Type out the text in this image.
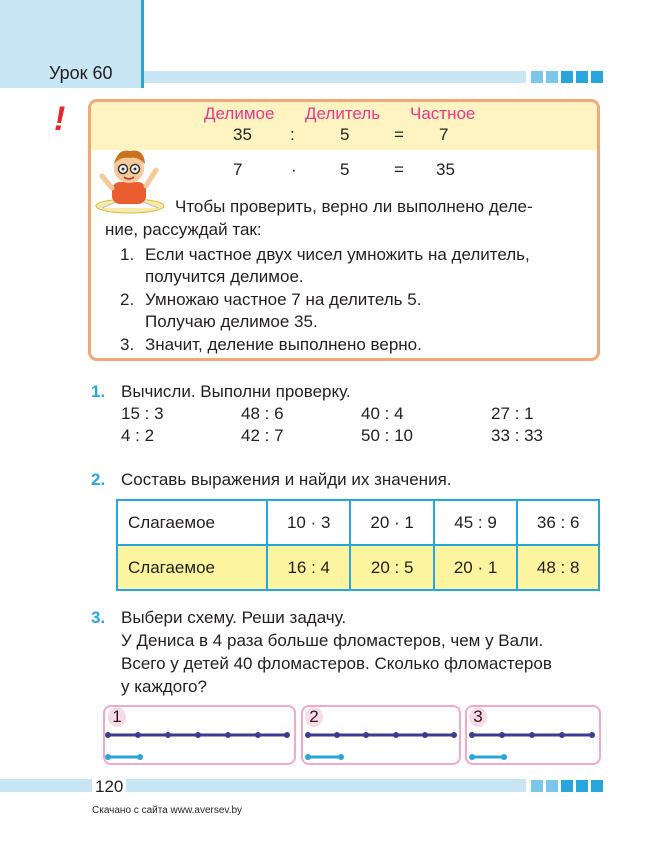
Урок 60
!	Делимое Делитель Частное
35 :	5	= 7
7	·	5	= 35
Чтобы проверить, верно ли выполнено деле-
ние, рассуждай так:
1. Если частное двух чисел умножить на делитель,
получится делимое.
2. Умножаю частное 7 на делитель 5.
Получаю делимое 35.
3. Значит, деление выполнено верно.
1. Вычисли. Выполни проверку.
15 : 3	48 : 6	40 : 4	27 : 1
4 : 2	42 : 7	50 : 10	33 : 33
2. Составь выражения и найди их значения.
Слагаемое	10 · 3	20 · 1	45 : 9	36 : 6
Слагаемое	16 : 4	20 : 5	20 · 1	48 : 8
3. Выбери схему. Реши задачу.
У Дениса в 4 раза больше фломастеров, чем у Вали.
Всего у детей 40 фломастеров. Сколько фломастеров
у каждого?
1	2	3
120
Скачано с сайта www.aversev.by
